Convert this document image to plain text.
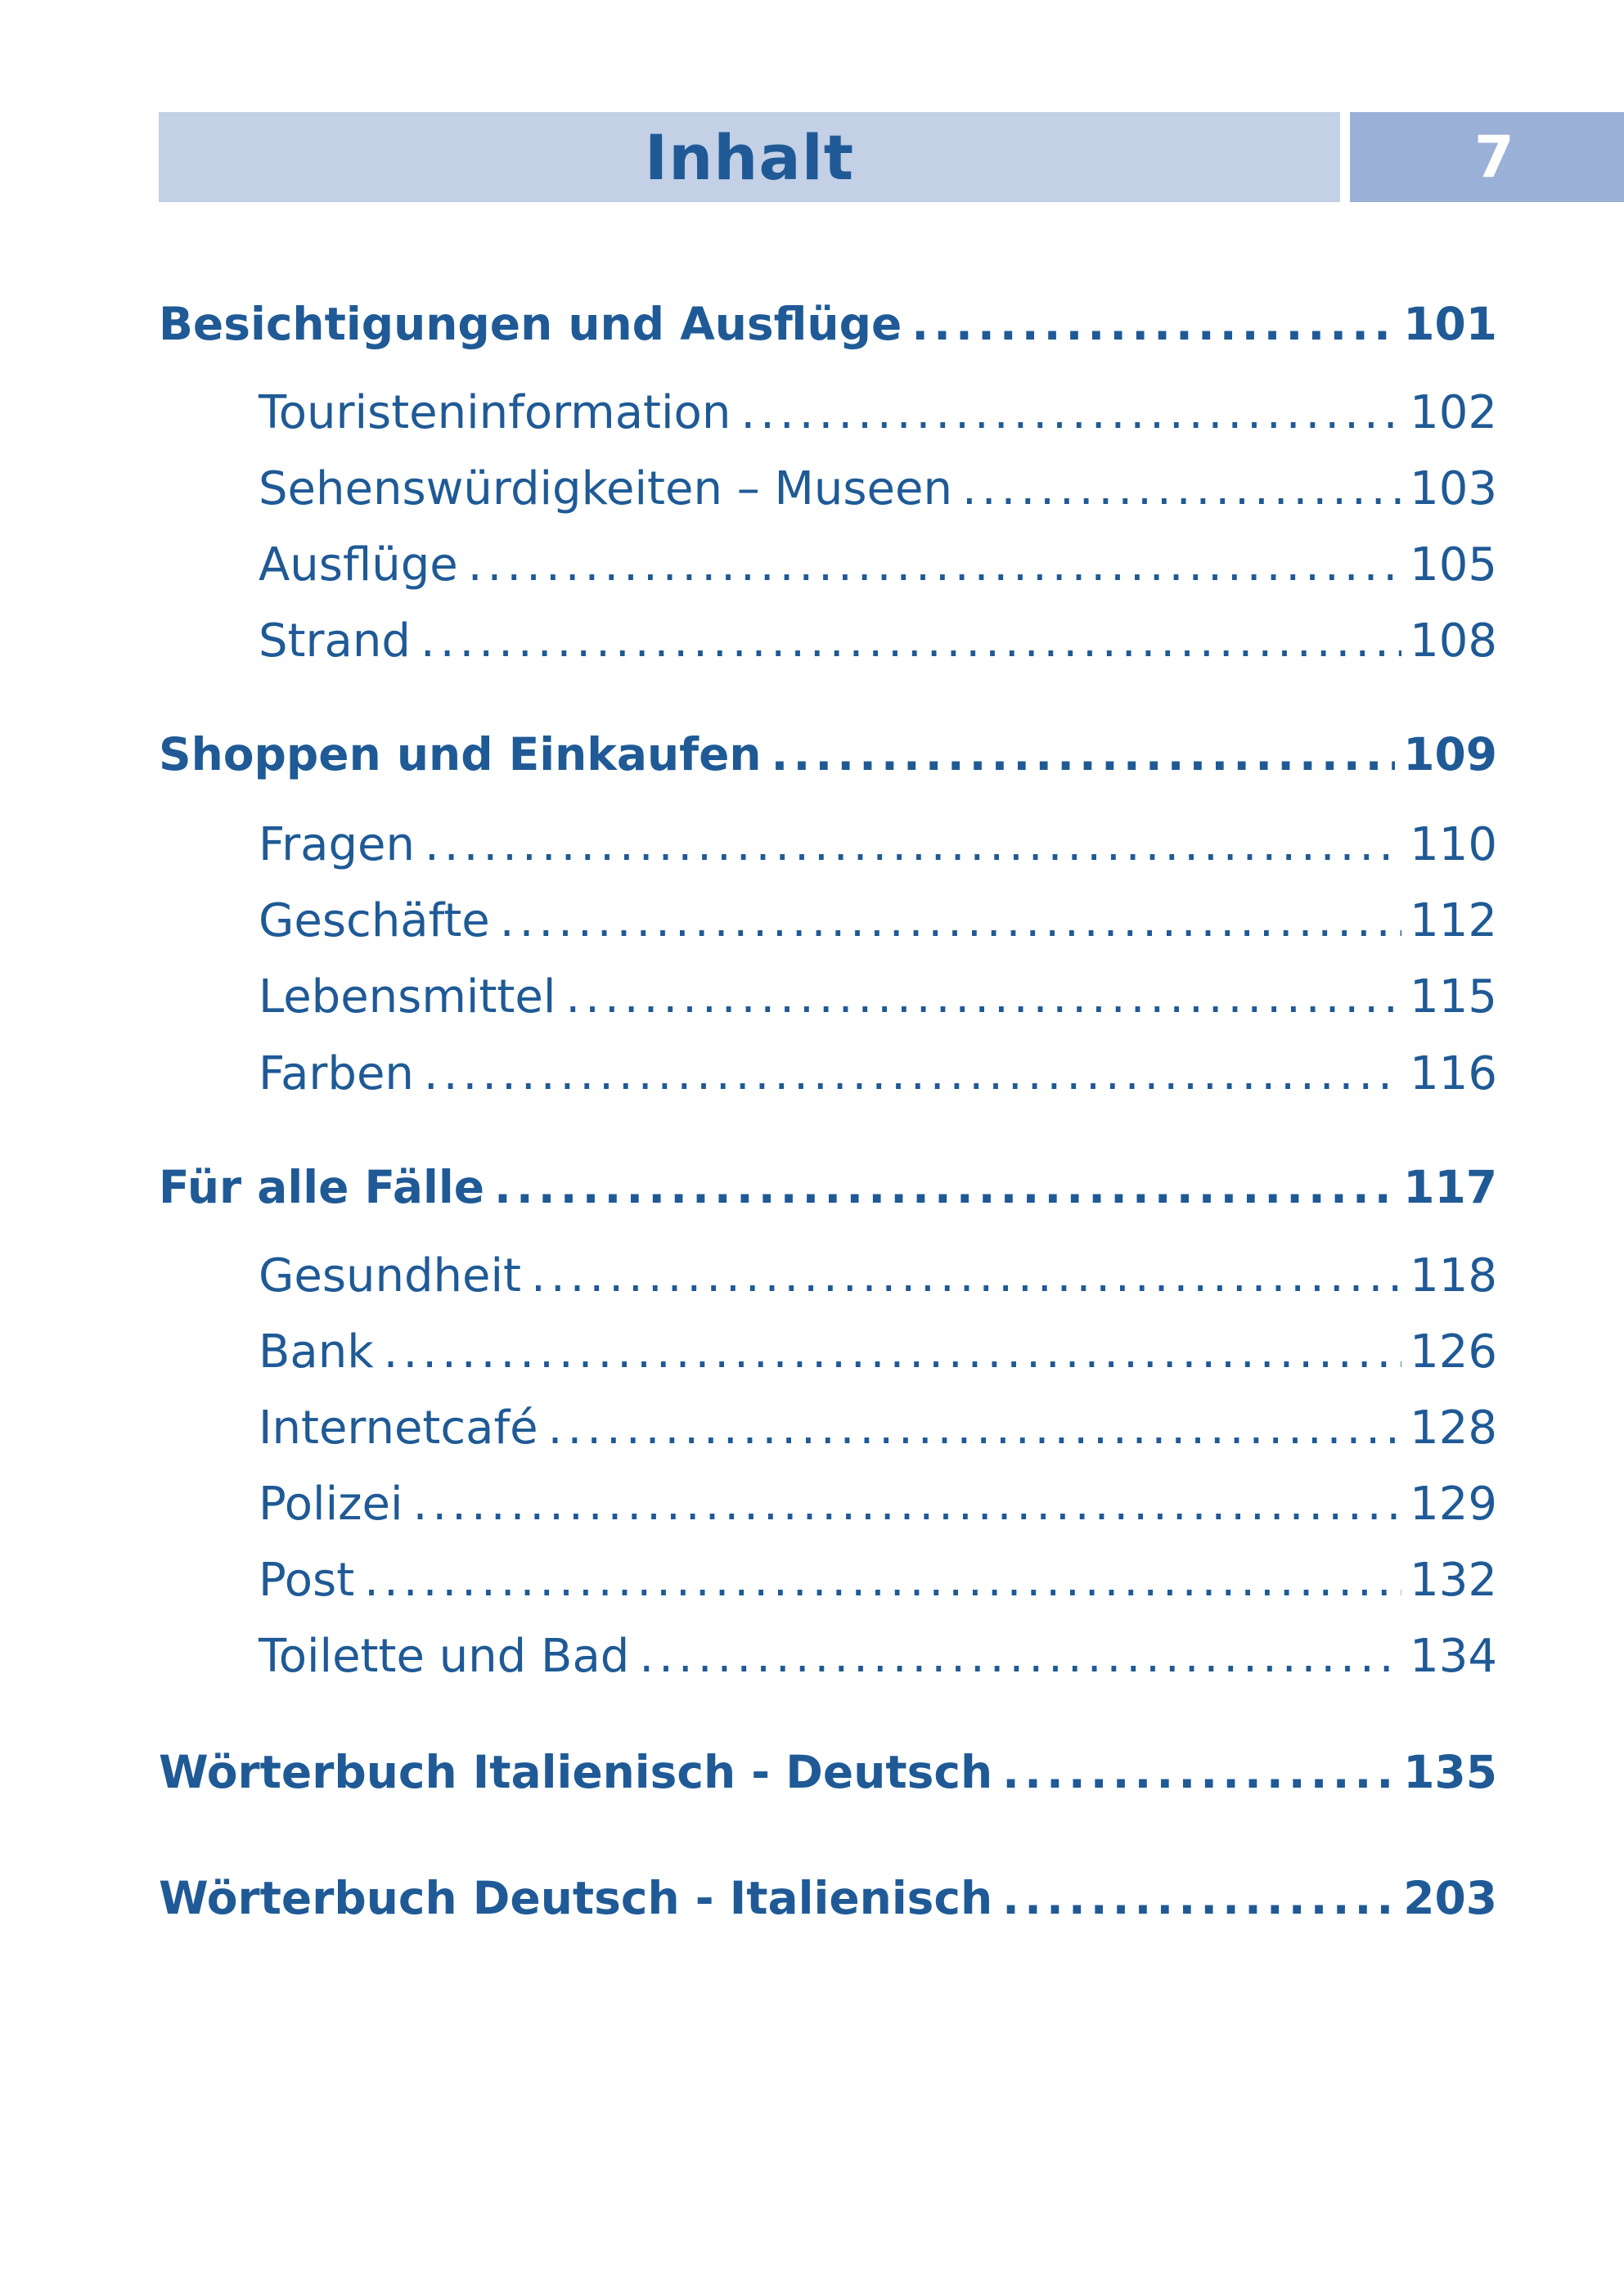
Inhalt	7
Besichtigungen und Ausflüge .....	101
Touristeninformation .....	102
Sehenswürdigkeiten – Museen .....	103
Ausflüge .....	105
Strand .....	108
Shoppen und Einkaufen .....	109
Fragen .....	110
Geschäfte .....	112
Lebensmittel .....	115
Farben .....	116
Für alle Fälle .....	117
Gesundheit .....	118
Bank .....	126
Internetcafé .....	128
Polizei .....	129
Post .....	132
Toilette und Bad .....	134
Wörterbuch Italienisch - Deutsch .....	135
Wörterbuch Deutsch - Italienisch .....	203
